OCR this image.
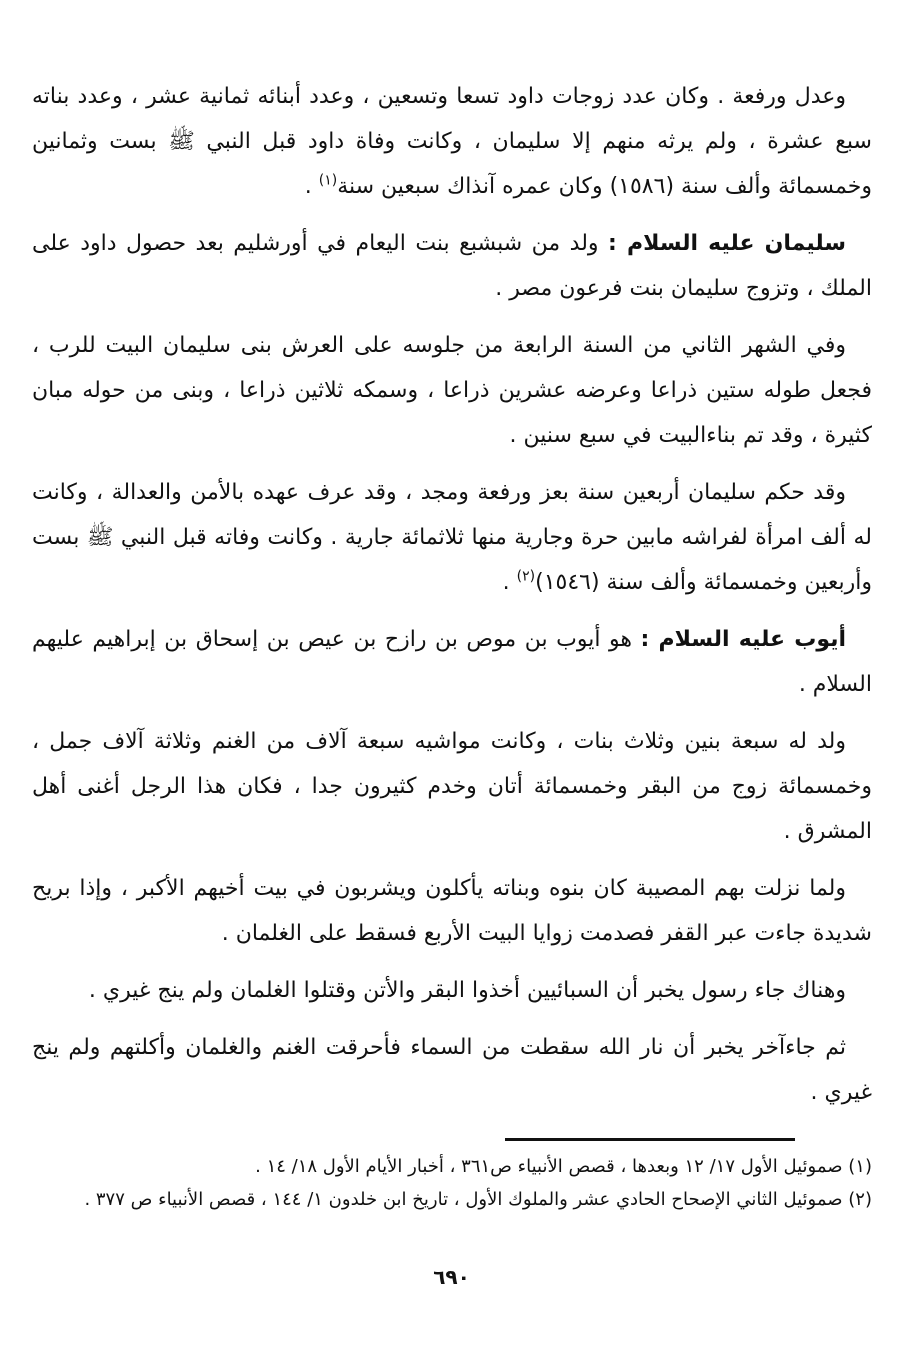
وعدل ورفعة . وكان عدد زوجات داود تسعا وتسعين ، وعدد أبنائه ثمانية عشر ، وعدد بناته سبع عشرة ، ولم يرثه منهم إلا سليمان ، وكانت وفاة داود قبل النبي ﷺ بست وثمانين وخمسمائة وألف سنة (١٥٨٦) وكان عمره آنذاك سبعين سنة$^{(١)}$ .

سليمان عليه السلام : ولد من شبشبع بنت اليعام في أورشليم بعد حصول داود على الملك ، وتزوج سليمان بنت فرعون مصر .

وفي الشهر الثاني من السنة الرابعة من جلوسه على العرش بنى سليمان البيت للرب ، فجعل طوله ستين ذراعا وعرضه عشرين ذراعا ، وسمكه ثلاثين ذراعا ، وبنى من حوله مبان كثيرة ، وقد تم بناءالبيت في سبع سنين .

وقد حكم سليمان أربعين سنة بعز ورفعة ومجد ، وقد عرف عهده بالأمن والعدالة ، وكانت له ألف امرأة لفراشه مابين حرة وجارية منها ثلاثمائة جارية . وكانت وفاته قبل النبي ﷺ بست وأربعين وخمسمائة وألف سنة (١٥٤٦)$^{(٢)}$ .

أيوب عليه السلام : هو أيوب بن موص بن رازح بن عيص بن إسحاق بن إبراهيم عليهم السلام .

ولد له سبعة بنين وثلاث بنات ، وكانت مواشيه سبعة آلاف من الغنم وثلاثة آلاف جمل ، وخمسمائة زوج من البقر وخمسمائة أتان وخدم كثيرون جدا ، فكان هذا الرجل أغنى أهل المشرق .

ولما نزلت بهم المصيبة كان بنوه وبناته يأكلون ويشربون في بيت أخيهم الأكبر ، وإذا بريح شديدة جاءت عبر القفر فصدمت زوايا البيت الأربع فسقط على الغلمان .

وهناك جاء رسول يخبر أن السبائيين أخذوا البقر والأتن وقتلوا الغلمان ولم ينج غيري .

ثم جاءآخر يخبر أن نار الله سقطت من السماء فأحرقت الغنم والغلمان وأكلتهم ولم ينج غيري .

(١) صموئيل الأول ١٧/ ١٢ وبعدها ، قصص الأنبياء ص٣٦١ ، أخبار الأيام الأول ١٨/ ١٤ .

(٢) صموئيل الثاني الإصحاح الحادي عشر والملوك الأول ، تاريخ ابن خلدون ١/ ١٤٤ ، قصص الأنبياء ص ٣٧٧ .

٦٩٠
